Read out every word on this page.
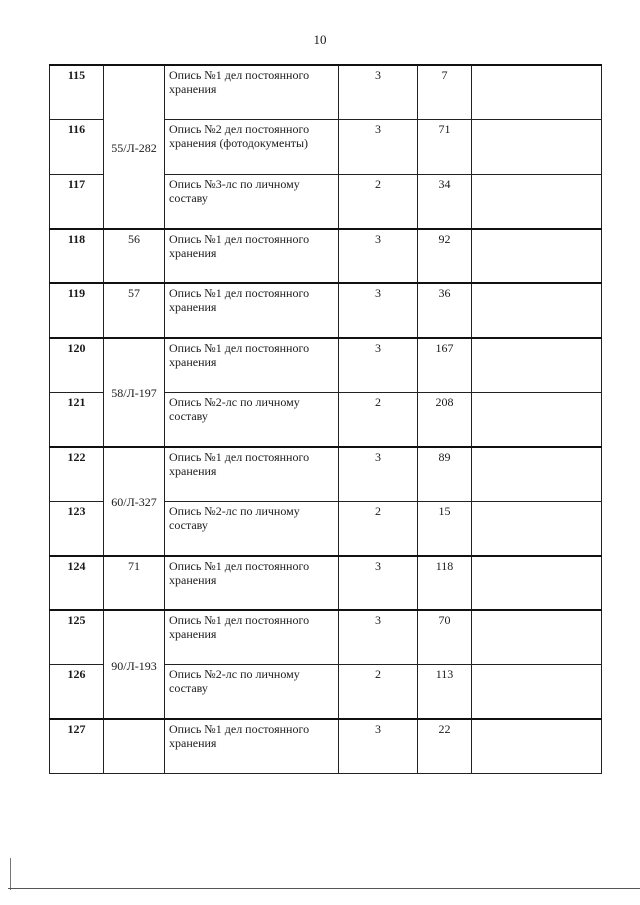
10
115	55/Л-282	Опись №1 дел постоянного хранения	3	7	
116		Опись №2 дел постоянного хранения (фотодокументы)	3	71	
117		Опись №3-лс по личному составу	2	34	
118	56	Опись №1 дел постоянного хранения	3	92	
119	57	Опись №1 дел постоянного хранения	3	36	
120	58/Л-197	Опись №1 дел постоянного хранения	3	167	
121		Опись №2-лс по личному составу	2	208	
122	60/Л-327	Опись №1 дел постоянного хранения	3	89	
123		Опись №2-лс по личному составу	2	15	
124	71	Опись №1 дел постоянного хранения	3	118	
125	90/Л-193	Опись №1 дел постоянного хранения	3	70	
126		Опись №2-лс по личному составу	2	113	
127		Опись №1 дел постоянного хранения	3	22	
